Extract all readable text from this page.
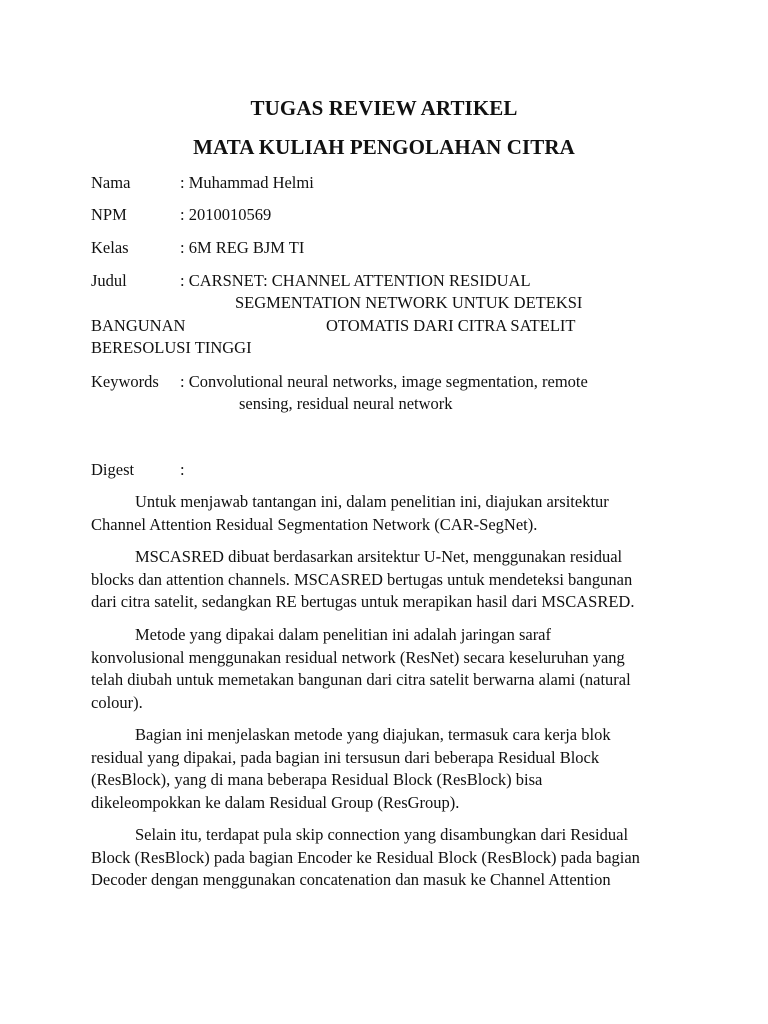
TUGAS REVIEW ARTIKEL
MATA KULIAH PENGOLAHAN CITRA
Nama	: Muhammad Helmi
NPM	: 2010010569
Kelas	: 6M REG BJM TI
Judul	: CARSNET: CHANNEL ATTENTION RESIDUAL
SEGMENTATION NETWORK UNTUK DETEKSI
BANGUNAN	OTOMATIS DARI CITRA SATELIT
BERESOLUSI TINGGI
Keywords : Convolutional neural networks, image segmentation, remote
sensing, residual neural network
Digest	:
Untuk menjawab tantangan ini, dalam penelitian ini, diajukan arsitektur
Channel Attention Residual Segmentation Network (CAR-SegNet).
MSCASRED dibuat berdasarkan arsitektur U-Net, menggunakan residual
blocks dan attention channels. MSCASRED bertugas untuk mendeteksi bangunan
dari citra satelit, sedangkan RE bertugas untuk merapikan hasil dari MSCASRED.
Metode yang dipakai dalam penelitian ini adalah jaringan saraf
konvolusional menggunakan residual network (ResNet) secara keseluruhan yang
telah diubah untuk memetakan bangunan dari citra satelit berwarna alami (natural
colour).
Bagian ini menjelaskan metode yang diajukan, termasuk cara kerja blok
residual yang dipakai, pada bagian ini tersusun dari beberapa Residual Block
(ResBlock), yang di mana beberapa Residual Block (ResBlock) bisa
dikeleompokkan ke dalam Residual Group (ResGroup).
Selain itu, terdapat pula skip connection yang disambungkan dari Residual
Block (ResBlock) pada bagian Encoder ke Residual Block (ResBlock) pada bagian
Decoder dengan menggunakan concatenation dan masuk ke Channel Attention
